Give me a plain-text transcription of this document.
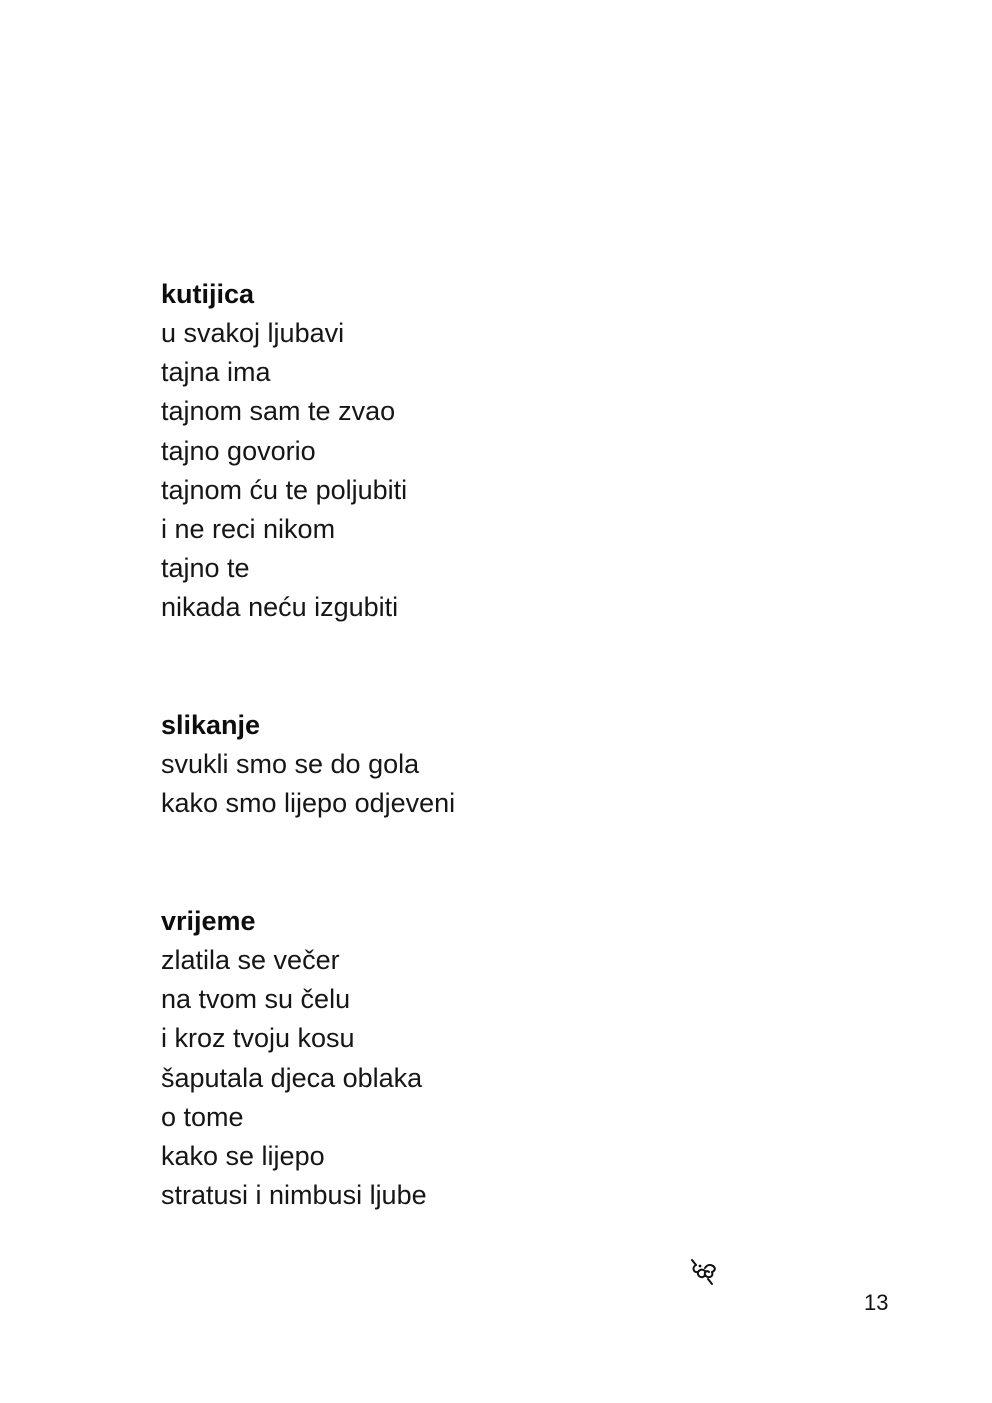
kutijica

u svakoj ljubavi

tajna ima

tajnom sam te zvao

tajno govorio

tajnom ću te poljubiti

i ne reci nikom

tajno te

nikada neću izgubiti

slikanje

svukli smo se do gola

kako smo lijepo odjeveni

vrijeme

zlatila se večer

na tvom su čelu

i kroz tvoju kosu

šaputala djeca oblaka

o tome

kako se lijepo

stratusi i nimbusi ljube

13
